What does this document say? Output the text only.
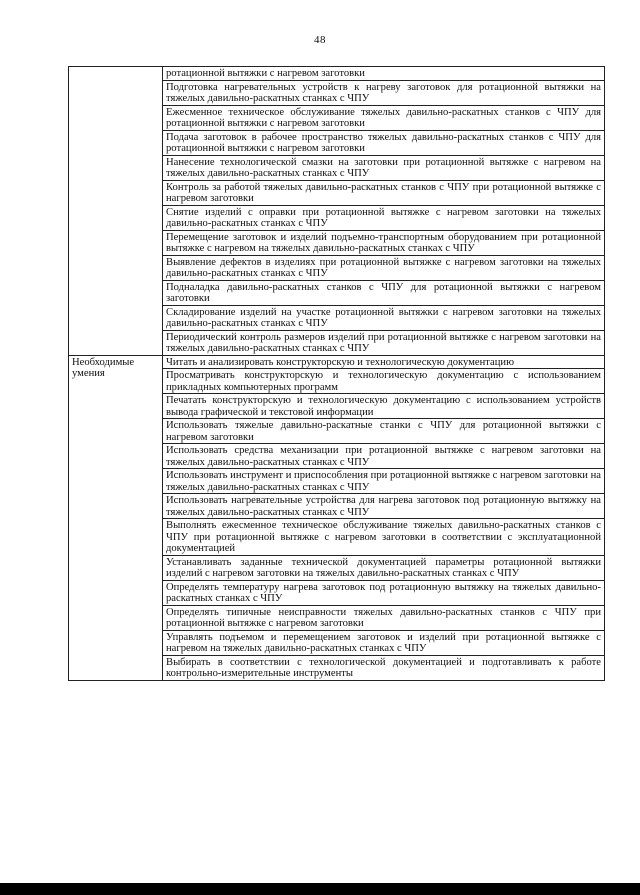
48
	ротационной вытяжки с нагревом заготовки
	Подготовка нагревательных устройств к нагреву заготовок для ротационной вытяжки на тяжелых давильно-раскатных станках с ЧПУ
	Ежесменное техническое обслуживание тяжелых давильно-раскатных станков с ЧПУ для ротационной вытяжки с нагревом заготовки
	Подача заготовок в рабочее пространство тяжелых давильно-раскатных станков с ЧПУ для ротационной вытяжки с нагревом заготовки
	Нанесение технологической смазки на заготовки при ротационной вытяжке с нагревом на тяжелых давильно-раскатных станках с ЧПУ
	Контроль за работой тяжелых давильно-раскатных станков с ЧПУ при ротационной вытяжке с нагревом заготовки
	Снятие изделий с оправки при ротационной вытяжке с нагревом заготовки на тяжелых давильно-раскатных станках с ЧПУ
	Перемещение заготовок и изделий подъемно-транспортным оборудованием при ротационной вытяжке с нагревом на тяжелых давильно-раскатных станках с ЧПУ
	Выявление дефектов в изделиях при ротационной вытяжке с нагревом заготовки на тяжелых давильно-раскатных станках с ЧПУ
	Подналадка давильно-раскатных станков с ЧПУ для ротационной вытяжки с нагревом заготовки
	Складирование изделий на участке ротационной вытяжки с нагревом заготовки на тяжелых давильно-раскатных станках с ЧПУ
	Периодический контроль размеров изделий при ротационной вытяжке с нагревом заготовки на тяжелых давильно-раскатных станках с ЧПУ
Необходимые умения	Читать и анализировать конструкторскую и технологическую документацию
	Просматривать конструкторскую и технологическую документацию с использованием прикладных компьютерных программ
	Печатать конструкторскую и технологическую документацию с использованием устройств вывода графической и текстовой информации
	Использовать тяжелые давильно-раскатные станки с ЧПУ для ротационной вытяжки с нагревом заготовки
	Использовать средства механизации при ротационной вытяжке с нагревом заготовки на тяжелых давильно-раскатных станках с ЧПУ
	Использовать инструмент и приспособления при ротационной вытяжке с нагревом заготовки на тяжелых давильно-раскатных станках с ЧПУ
	Использовать нагревательные устройства для нагрева заготовок под ротационную вытяжку на тяжелых давильно-раскатных станках с ЧПУ
	Выполнять ежесменное техническое обслуживание тяжелых давильно-раскатных станков с ЧПУ при ротационной вытяжке с нагревом заготовки в соответствии с эксплуатационной документацией
	Устанавливать заданные технической документацией параметры ротационной вытяжки изделий с нагревом заготовки на тяжелых давильно-раскатных станках с ЧПУ
	Определять температуру нагрева заготовок под ротационную вытяжку на тяжелых давильно-раскатных станках с ЧПУ
	Определять типичные неисправности тяжелых давильно-раскатных станков с ЧПУ при ротационной вытяжке с нагревом заготовки
	Управлять подъемом и перемещением заготовок и изделий при ротационной вытяжке с нагревом на тяжелых давильно-раскатных станках с ЧПУ
	Выбирать в соответствии с технологической документацией и подготавливать к работе контрольно-измерительные инструменты
